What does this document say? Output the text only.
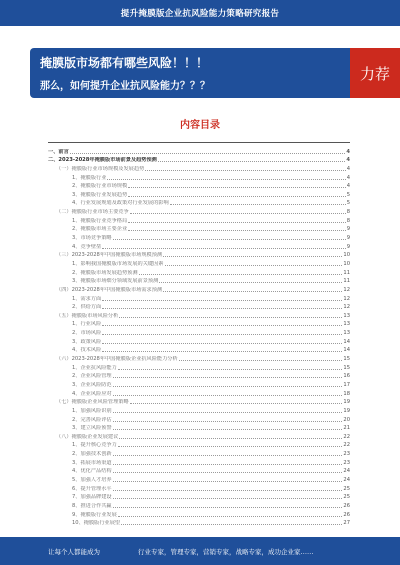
提升掩膜版企业抗风险能力策略研究报告
掩膜版市场都有哪些风险！！！
那么，如何提升企业抗风险能力？？？
力荐
内容目录
一、前言	4
二、2023-2028年掩膜版市场前景及趋势预测	4
（一）掩膜版行业市场规模及发展趋势	4
1、掩膜版行业	4
2、掩膜版行业市场规模	4
3、掩膜版行业发展趋势	5
4、行业发展规划及政策对行业发展的影响	5
（二）掩膜版行业市场主要竞争	8
1、掩膜版行业竞争格局	8
2、掩膜版市场主要企业	9
3、市场竞争策略	9
4、竞争壁垒	9
（三）2023-2028年中国掩膜版市场规模预测	10
1、影响我国掩膜版市场发展的关键因素	10
2、掩膜版市场发展趋势预测	11
3、掩膜版市场细分领域发展前景预测	11
（四）2023-2028年中国掩膜版市场需求预测	12
1、需求方面	12
2、供给方面	12
（五）掩膜版市场风险分析	13
1、行业风险	13
2、市场风险	13
3、政策风险	14
4、技术风险	14
（六）2023-2028年中国掩膜版企业抗风险能力分析	15
1、企业抗风险能力	15
2、企业风险管理	16
3、企业风险防范	17
4、企业风险应对	18
（七）掩膜版企业风险管理策略	19
1、加强风险识别	19
2、完善风险评估	20
3、建立风险预警	21
（八）掩膜版企业发展建议	22
1、提升核心竞争力	22
2、加强技术创新	23
3、拓展市场渠道	23
4、优化产品结构	24
5、加强人才培养	24
6、提升管理水平	25
7、加强品牌建设	25
8、推进合作共赢	26
9、掩膜版行业发展	26
10、掩膜版行业展望	27
让每个人都能成为	行业专家，管理专家，营销专家，战略专家，成功企业家……
